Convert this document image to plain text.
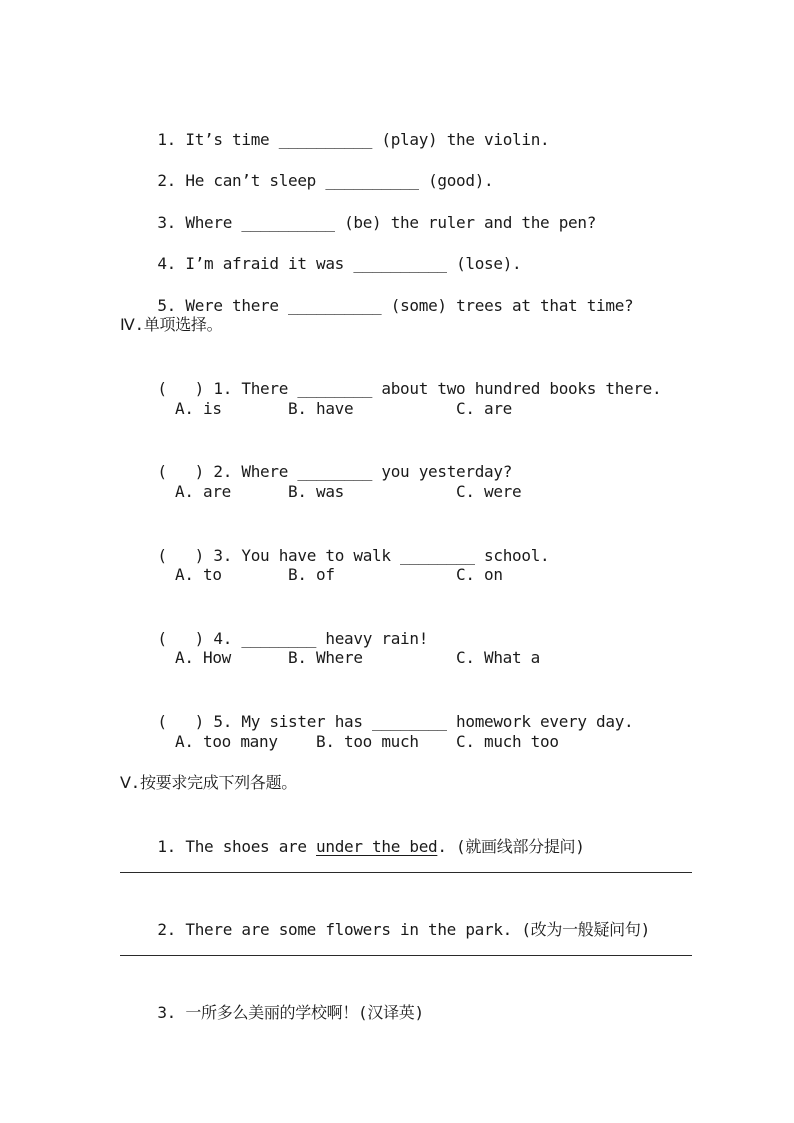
1. It’s time __________ (play) the violin.

2. He can’t sleep __________ (good).

3. Where __________ (be) the ruler and the pen?

4. I’m afraid it was __________ (lose).

5. Were there __________ (some) trees at that time?

Ⅳ.单项选择。

(   ) 1. There ________ about two hundred books there.

A. is	B. have	C. are

(   ) 2. Where ________ you yesterday?

A. are	B. was	C. were

(   ) 3. You have to walk ________ school.

A. to	B. of	C. on

(   ) 4. ________ heavy rain!

A. How	B. Where	C. What a

(   ) 5. My sister has ________ homework every day.

A. too many B. too much C. much too
Ⅴ.按要求完成下列各题。

1. The shoes are under the bed. (就画线部分提问)

2. There are some flowers in the park. (改为一般疑问句)

3. 一所多么美丽的学校啊！(汉译英)
